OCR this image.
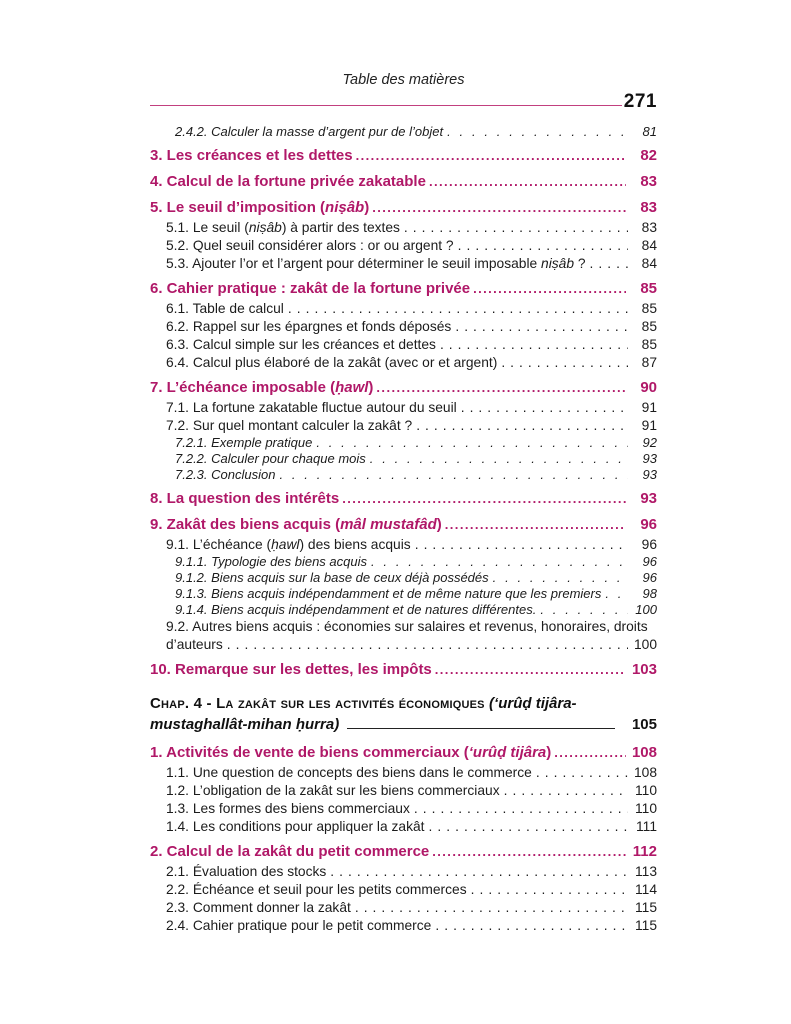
Table des matières
271
2.4.2. Calculer la masse d’argent pur de l’objet . . .	81
3. Les créances et les dettes .....	82
4. Calcul de la fortune privée zakatable .....	83
5. Le seuil d’imposition (niṣâb) .....	83
5.1. Le seuil (niṣâb) à partir des textes . . .	83
5.2. Quel seuil considérer alors : or ou argent ? . . .	84
5.3. Ajouter l’or et l’argent pour déterminer le seuil imposable niṣâb ? . . .	84
6. Cahier pratique : zakât de la fortune privée .....	85
6.1. Table de calcul . . .	85
6.2. Rappel sur les épargnes et fonds déposés . . .	85
6.3. Calcul simple sur les créances et dettes . . .	85
6.4. Calcul plus élaboré de la zakât (avec or et argent) . . .	87
7. L’échéance imposable (ḥawl) .....	90
7.1. La fortune zakatable fluctue autour du seuil . . .	91
7.2. Sur quel montant calculer la zakât ? . . .	91
7.2.1. Exemple pratique . . .	92
7.2.2. Calculer pour chaque mois . . .	93
7.2.3. Conclusion . . .	93
8. La question des intérêts .....	93
9. Zakât des biens acquis (mâl mustafâd) .....	96
9.1. L’échéance (ḥawl) des biens acquis . . .	96
9.1.1. Typologie des biens acquis . . .	96
9.1.2. Biens acquis sur la base de ceux déjà possédés . . .	96
9.1.3. Biens acquis indépendamment et de même nature que les premiers . . .	98
9.1.4. Biens acquis indépendamment et de natures différentes. . . .	100
9.2. Autres biens acquis : économies sur salaires et revenus, honoraires, droits
d’auteurs . . .	100
10. Remarque sur les dettes, les impôts .....	103
Chap. 4 - La zakât sur les activités économiques (‘urûḍ tijâra-
mustaghallât-mihan ḥurra)	105
1. Activités de vente de biens commerciaux (‘urûḍ tijâra) .....	108
1.1. Une question de concepts des biens dans le commerce . . .	108
1.2. L’obligation de la zakât sur les biens commerciaux . . .	110
1.3. Les formes des biens commerciaux . . .	110
1.4. Les conditions pour appliquer la zakât . . .	111
2. Calcul de la zakât du petit commerce .....	112
2.1. Évaluation des stocks . . .	113
2.2. Échéance et seuil pour les petits commerces . . .	114
2.3. Comment donner la zakât . . .	115
2.4. Cahier pratique pour le petit commerce . . .	115
